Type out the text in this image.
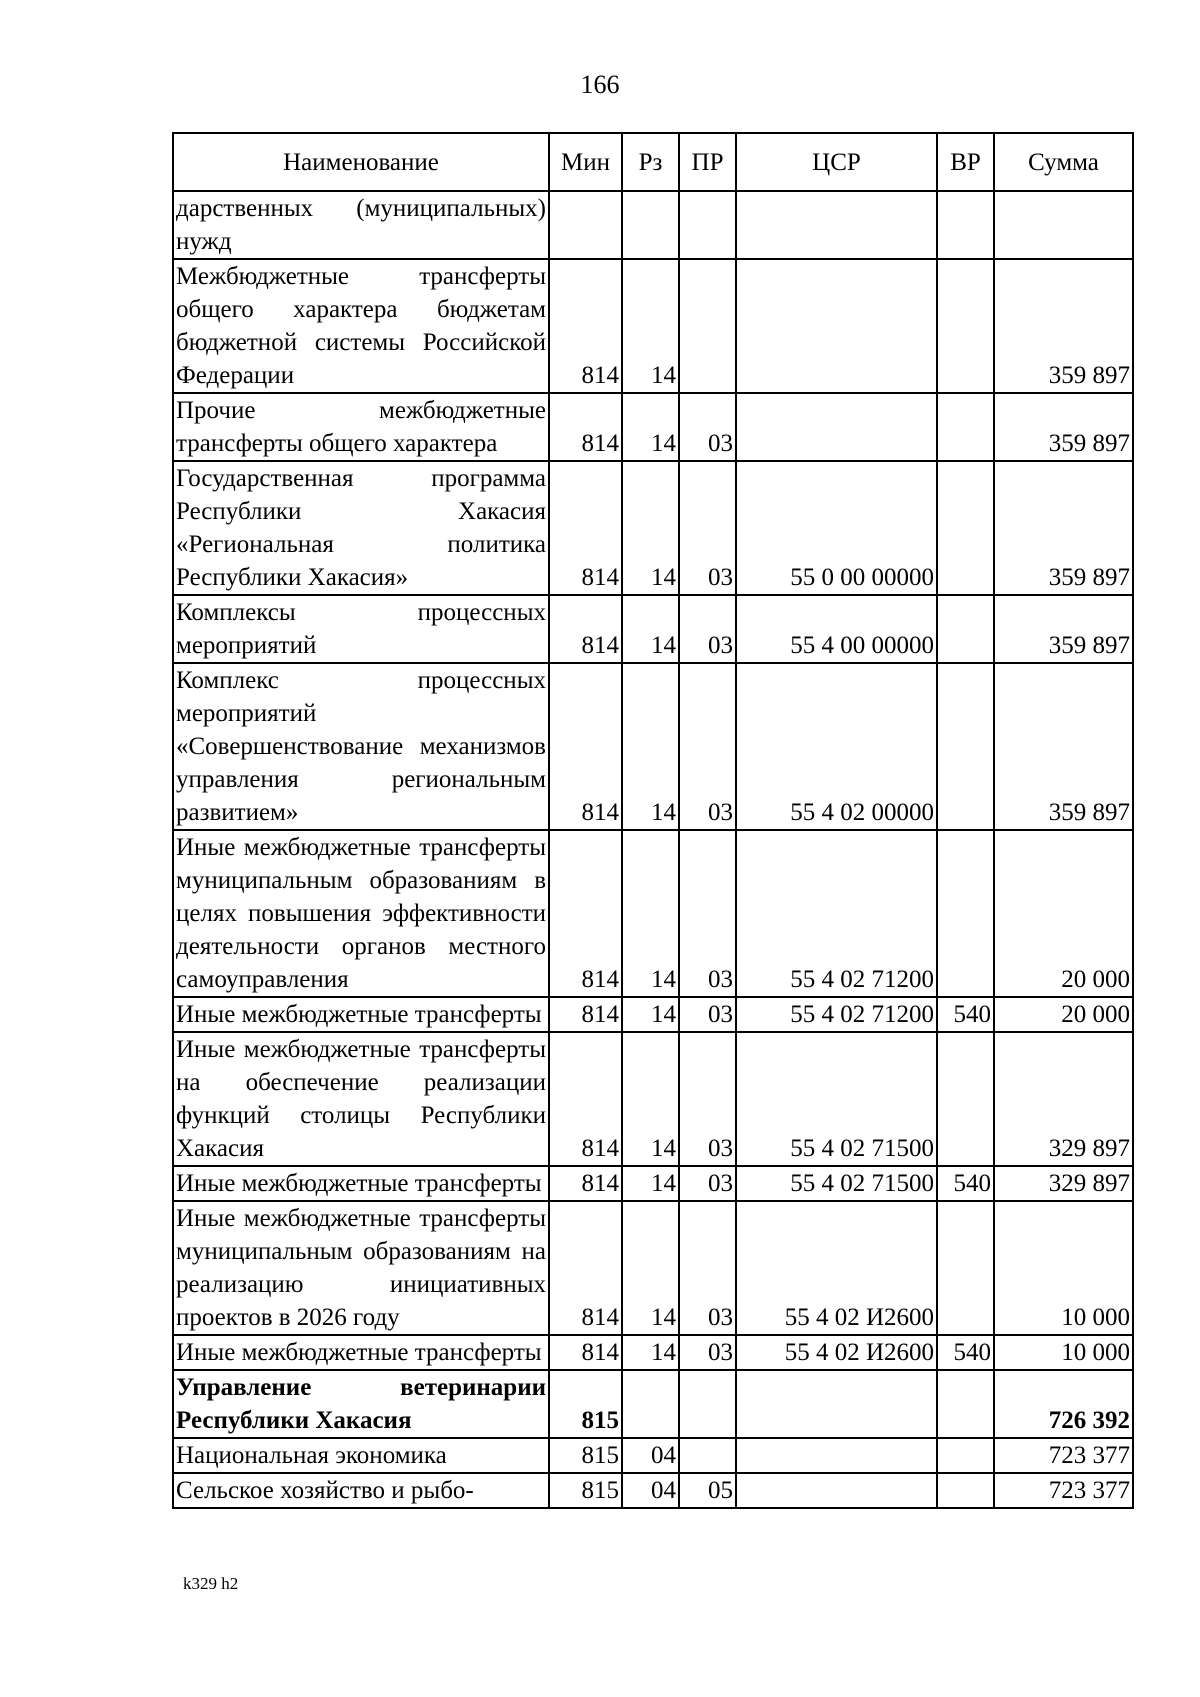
166
Наименование	Мин	Рз	ПР	ЦСР	ВР	Сумма
дарственных (муниципальных) нужд						
Межбюджетные трансферты общего характера бюджетам бюджетной системы Российской Федерации	814	14				359 897
Прочие межбюджетные трансферты общего характера	814	14	03			359 897
Государственная программа Республики Хакасия «Региональная политика Республики Хакасия»	814	14	03	55 0 00 00000		359 897
Комплексы процессных мероприятий	814	14	03	55 4 00 00000		359 897
Комплекс процессных мероприятий «Совершенствование механизмов управления региональным развитием»	814	14	03	55 4 02 00000		359 897
Иные межбюджетные трансферты муниципальным образованиям в целях повышения эффективности деятельности органов местного самоуправления	814	14	03	55 4 02 71200		20 000
Иные межбюджетные трансферты	814	14	03	55 4 02 71200	540	20 000
Иные межбюджетные трансферты на обеспечение реализации функций столицы Республики Хакасия	814	14	03	55 4 02 71500		329 897
Иные межбюджетные трансферты	814	14	03	55 4 02 71500	540	329 897
Иные межбюджетные трансферты муниципальным образованиям на реализацию инициативных проектов в 2026 году	814	14	03	55 4 02 И2600		10 000
Иные межбюджетные трансферты	814	14	03	55 4 02 И2600	540	10 000
Управление ветеринарии Республики Хакасия	815					726 392
Национальная экономика	815	04				723 377
Сельское хозяйство и рыбо-	815	04	05			723 377
k329 h2
